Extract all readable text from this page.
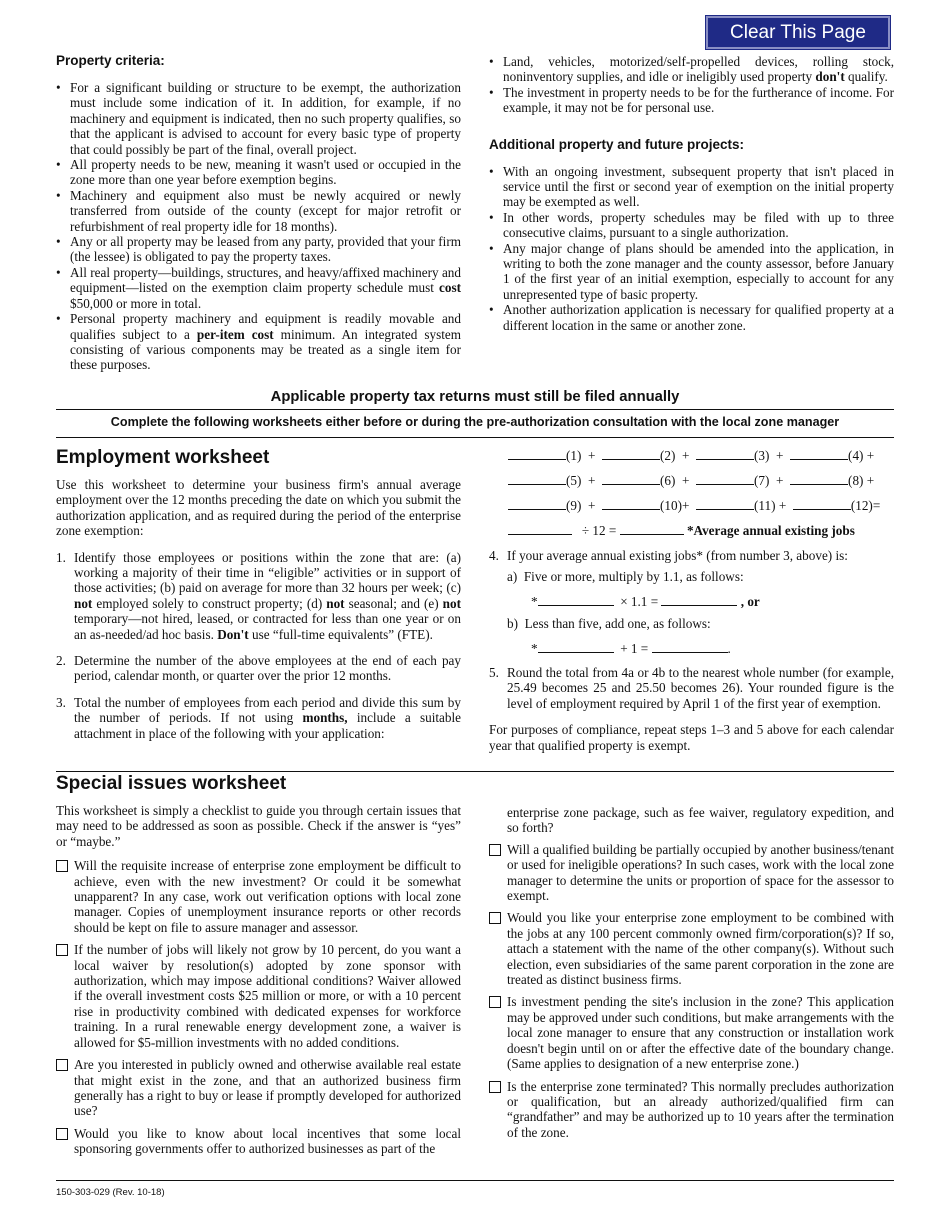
Clear This Page
Property criteria:
• For a significant building or structure to be exempt, the authorization must include some indication of it. In addition, for example, if no machinery and equipment is indicated, then no such property qualifies, so that the applicant is advised to account for every basic type of property that could possibly be part of the final, overall project.
• All property needs to be new, meaning it wasn't used or occupied in the zone more than one year before exemption begins.
• Machinery and equipment also must be newly acquired or newly transferred from outside of the county (except for major retrofit or refurbishment of real property idle for 18 months).
• Any or all property may be leased from any party, provided that your firm (the lessee) is obligated to pay the property taxes.
• All real property—buildings, structures, and heavy/affixed machinery and equipment—listed on the exemption claim property schedule must cost $50,000 or more in total.
• Personal property machinery and equipment is readily movable and qualifies subject to a per-item cost minimum. An integrated system consisting of various components may be treated as a single item for these purposes.
• Land, vehicles, motorized/self-propelled devices, rolling stock, noninventory supplies, and idle or ineligibly used property don't qualify.
• The investment in property needs to be for the furtherance of income. For example, it may not be for personal use.
Additional property and future projects:
• With an ongoing investment, subsequent property that isn't placed in service until the first or second year of exemption on the initial property may be exempted as well.
• In other words, property schedules may be filed with up to three consecutive claims, pursuant to a single authorization.
• Any major change of plans should be amended into the application, in writing to both the zone manager and the county assessor, before January 1 of the first year of an initial exemption, especially to account for any unrepresented type of basic property.
• Another authorization application is necessary for qualified property at a different location in the same or another zone.
Applicable property tax returns must still be filed annually
Complete the following worksheets either before or during the pre-authorization consultation with the local zone manager
Employment worksheet

Use this worksheet to determine your business firm's annual average employment over the 12 months preceding the date on which you submit the authorization application, and as required during the period of the enterprise zone exemption:

1. Identify those employees or positions within the zone that are: (a) working a majority of their time in “eligible” activities or in support of those activities; (b) paid on average for more than 32 hours per week; (c) not employed solely to construct property; (d) not seasonal; and (e) not temporary—not hired, leased, or contracted for less than one year or on an as-needed/ad hoc basis. Don't use “full-time equivalents” (FTE).
2. Determine the number of the above employees at the end of each pay period, calendar month, or quarter over the prior 12 months.
3. Total the number of employees from each period and divide this sum by the number of periods. If not using months, include a suitable attachment in place of the following with your application:
(1) +	(2) +	(3) +	(4) +
(5) +	(6) +	(7) +	(8) +
(9) +	(10)+	(11) +	(12)=
÷ 12 =	*Average annual existing jobs
4. If your average annual existing jobs* (from number 3, above) is:
a)  Five or more, multiply by 1.1, as follows:
*	× 1.1 =	, or
b)  Less than five, add one, as follows:
*	+ 1 =	.
5. Round the total from 4a or 4b to the nearest whole number (for example, 25.49 becomes 25 and 25.50 becomes 26). Your rounded figure is the level of employment required by April 1 of the first year of exemption.

For purposes of compliance, repeat steps 1–3 and 5 above for each calendar year that qualified property is exempt.

Special issues worksheet

This worksheet is simply a checklist to guide you through certain issues that may need to be addressed as soon as possible. Check if the answer is “yes” or “maybe.”

Will the requisite increase of enterprise zone employment be difficult to achieve, even with the new investment? Or could it be somewhat unapparent? In any case, work out verification options with local zone manager. Copies of unemployment insurance reports or other records should be kept on file to assure manager and assessor.
If the number of jobs will likely not grow by 10 percent, do you want a local waiver by resolution(s) adopted by zone sponsor with authorization, which may impose additional conditions? Waiver allowed if the overall investment costs $25 million or more, or with a 10 percent rise in productivity combined with dedicated expenses for workforce training. In a rural renewable energy development zone, a waiver is allowed for $5-million investments with no added conditions.
Are you interested in publicly owned and otherwise available real estate that might exist in the zone, and that an authorized business firm generally has a right to buy or lease if promptly developed for authorized use?
Would you like to know about local incentives that some local sponsoring governments offer to authorized businesses as part of the

enterprise zone package, such as fee waiver, regulatory expedition, and so forth?

Will a qualified building be partially occupied by another business/tenant or used for ineligible operations? In such cases, work with the local zone manager to determine the units or proportion of space for the assessor to exempt.
Would you like your enterprise zone employment to be combined with the jobs at any 100 percent commonly owned firm/corporation(s)? If so, attach a statement with the name of the other company(s). Without such election, even subsidiaries of the same parent corporation in the zone are treated as distinct business firms.
Is investment pending the site's inclusion in the zone? This application may be approved under such conditions, but make arrangements with the local zone manager to ensure that any construction or installation work doesn't begin until on or after the effective date of the boundary change. (Same applies to designation of a new enterprise zone.)
Is the enterprise zone terminated? This normally precludes authorization or qualification, but an already authorized/qualified firm can “grandfather” and may be authorized up to 10 years after the termination of the zone.
150-303-029 (Rev. 10-18)
